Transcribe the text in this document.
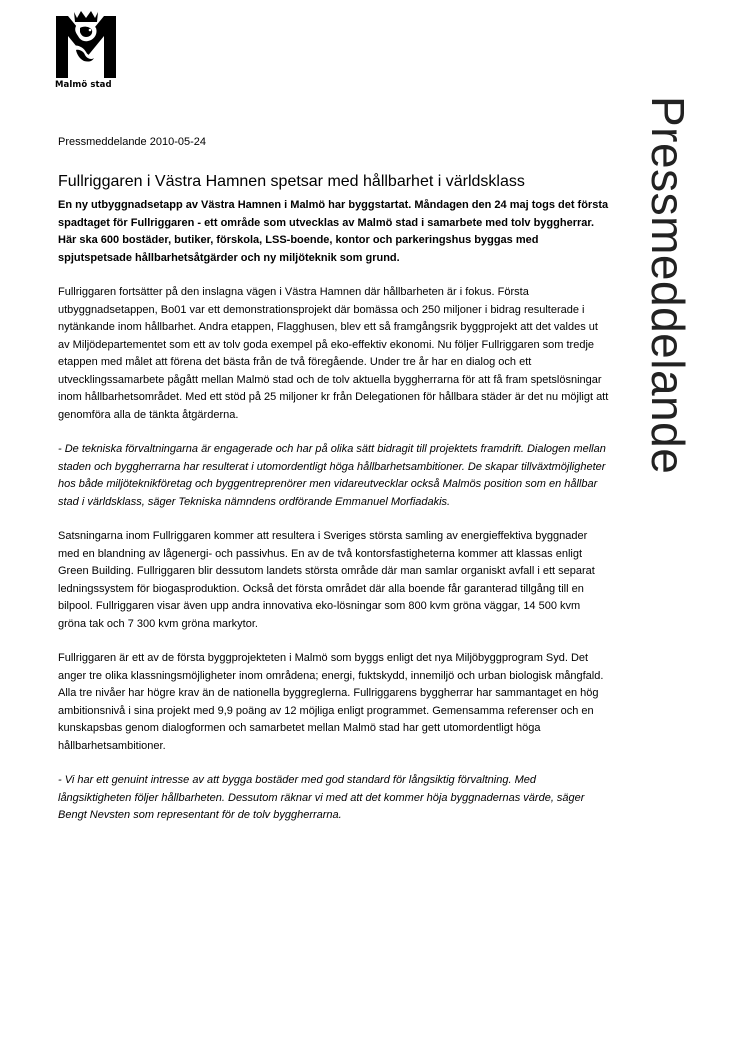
Malmö stad
Pressmeddelande
Pressmeddelande 2010-05-24
Fullriggaren i Västra Hamnen spetsar med hållbarhet i världsklass

En ny utbyggnadsetapp av Västra Hamnen i Malmö har byggstartat. Måndagen den 24 maj togs det första spadtaget för Fullriggaren - ett område som utvecklas av Malmö stad i samarbete med tolv byggherrar. Här ska 600 bostäder, butiker, förskola, LSS-boende, kontor och parkeringshus byggas med spjutspetsade hållbarhetsåtgärder och ny miljöteknik som grund.

Fullriggaren fortsätter på den inslagna vägen i Västra Hamnen där hållbarheten är i fokus. Första utbyggnadsetappen, Bo01 var ett demonstrationsprojekt där bomässa och 250 miljoner i bidrag resulterade i nytänkande inom hållbarhet. Andra etappen, Flagghusen, blev ett så framgångsrik byggprojekt att det valdes ut av Miljödepartementet som ett av tolv goda exempel på eko-effektiv ekonomi. Nu följer Fullriggaren som tredje etappen med målet att förena det bästa från de två föregående. Under tre år har en dialog och ett utvecklingssamarbete pågått mellan Malmö stad och de tolv aktuella byggherrarna för att få fram spetslösningar inom hållbarhetsområdet. Med ett stöd på 25 miljoner kr från Delegationen för hållbara städer är det nu möjligt att genomföra alla de tänkta åtgärderna.

- De tekniska förvaltningarna är engagerade och har på olika sätt bidragit till projektets framdrift. Dialogen mellan staden och byggherrarna har resulterat i utomordentligt höga hållbarhetsambitioner. De skapar tillväxtmöjligheter hos både miljöteknikföretag och byggentreprenörer men vidareutvecklar också Malmös position som en hållbar stad i världsklass, säger Tekniska nämndens ordförande Emmanuel Morfiadakis.

Satsningarna inom Fullriggaren kommer att resultera i Sveriges största samling av energieffektiva byggnader med en blandning av lågenergi- och passivhus. En av de två kontorsfastigheterna kommer att klassas enligt Green Building. Fullriggaren blir dessutom landets största område där man samlar organiskt avfall i ett separat ledningssystem för biogasproduktion. Också det första området där alla boende får garanterad tillgång till en bilpool. Fullriggaren visar även upp andra innovativa eko-lösningar som 800 kvm gröna väggar, 14 500 kvm gröna tak och 7 300 kvm gröna markytor.

Fullriggaren är ett av de första byggprojekteten i Malmö som byggs enligt det nya Miljöbyggprogram Syd. Det anger tre olika klassningsmöjligheter inom områdena; energi, fuktskydd, innemiljö och urban biologisk mångfald. Alla tre nivåer har högre krav än de nationella byggreglerna. Fullriggarens byggherrar har sammantaget en hög ambitionsnivå i sina projekt med 9,9 poäng av 12 möjliga enligt programmet. Gemensamma referenser och en kunskapsbas genom dialogformen och samarbetet mellan Malmö stad har gett utomordentligt höga hållbarhetsambitioner.

- Vi har ett genuint intresse av att bygga bostäder med god standard för långsiktig förvaltning. Med långsiktigheten följer hållbarheten. Dessutom räknar vi med att det kommer höja byggnadernas värde, säger Bengt Nevsten som representant för de tolv byggherrarna.
